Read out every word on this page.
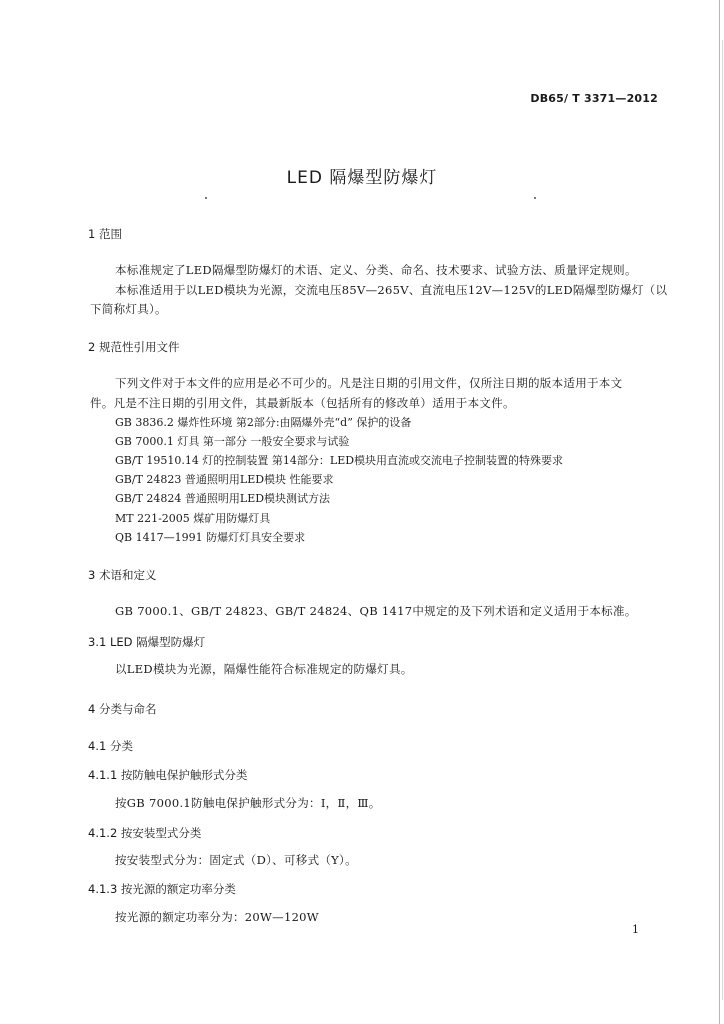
DB65/ T 3371—2012
LED 隔爆型防爆灯
1 范围
本标准规定了LED隔爆型防爆灯的术语、定义、分类、命名、技术要求、试验方法、质量评定规则。
本标准适用于以LED模块为光源，交流电压85V—265V、直流电压12V—125V的LED隔爆型防爆灯（以
下简称灯具）。
2 规范性引用文件
下列文件对于本文件的应用是必不可少的。凡是注日期的引用文件，仅所注日期的版本适用于本文
件。凡是不注日期的引用文件，其最新版本（包括所有的修改单）适用于本文件。
GB 3836.2 爆炸性环境 第2部分:由隔爆外壳“d” 保护的设备
GB 7000.1 灯具 第一部分 一般安全要求与试验
GB/T 19510.14 灯的控制装置 第14部分：LED模块用直流或交流电子控制装置的特殊要求
GB/T 24823 普通照明用LED模块 性能要求
GB/T 24824 普通照明用LED模块测试方法
MT 221-2005 煤矿用防爆灯具
QB 1417—1991 防爆灯灯具安全要求
3 术语和定义
GB 7000.1、GB/T 24823、GB/T 24824、QB 1417中规定的及下列术语和定义适用于本标准。
3.1 LED 隔爆型防爆灯
以LED模块为光源，隔爆性能符合标准规定的防爆灯具。
4 分类与命名
4.1 分类
4.1.1 按防触电保护触形式分类
按GB 7000.1防触电保护触形式分为：Ⅰ，Ⅱ，Ⅲ。
4.1.2 按安装型式分类
按安装型式分为：固定式（D）、可移式（Y）。
4.1.3 按光源的额定功率分类
按光源的额定功率分为：20W—120W
1
